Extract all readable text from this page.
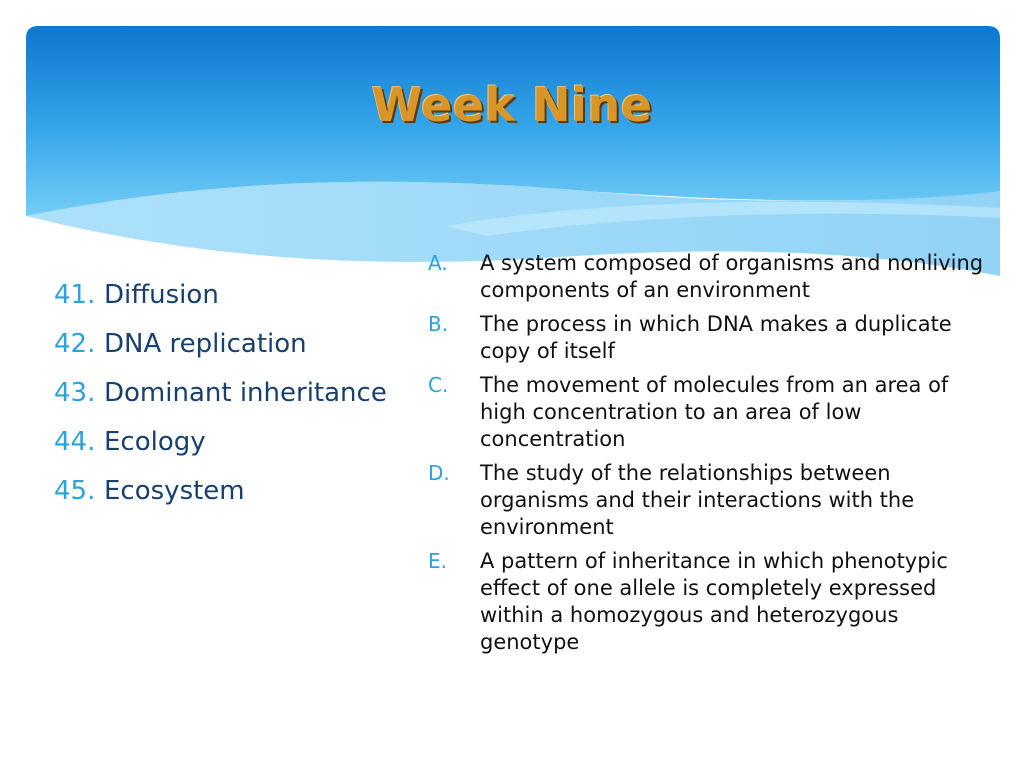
Week Nine
41. Diffusion
42. DNA replication
43. Dominant inheritance
44. Ecology
45. Ecosystem
A.	A system composed of organisms and nonliving components of an environment
B.	The process in which DNA makes a duplicate copy of itself
C.	The movement of molecules from an area of high concentration to an area of low concentration
D.	The study of the relationships between organisms and their interactions with the environment
E.	A pattern of inheritance in which phenotypic effect of one allele is completely expressed within a homozygous and heterozygous genotype
